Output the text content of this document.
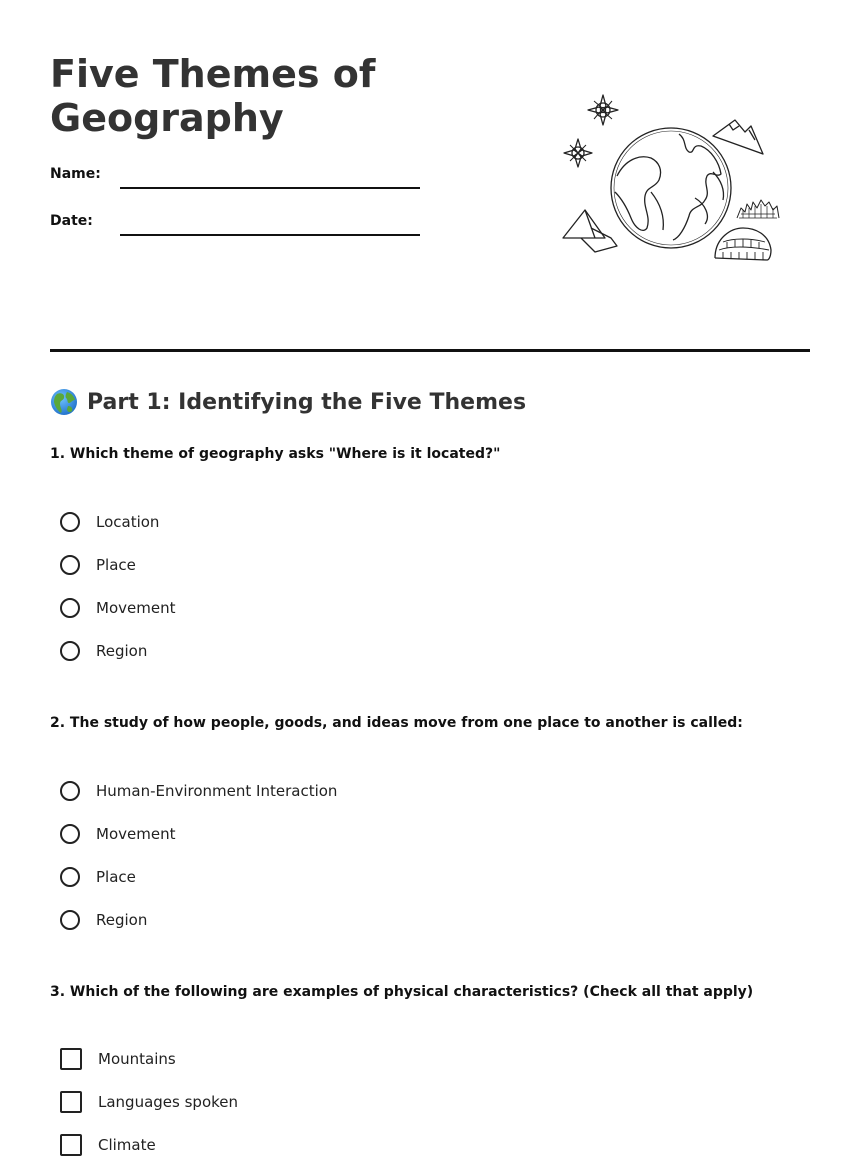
Five Themes of Geography
Name:
Date:
Part 1: Identifying the Five Themes

1. Which theme of geography asks "Where is it located?"

Location
Place
Movement
Region

2. The study of how people, goods, and ideas move from one place to another is called:

Human-Environment Interaction
Movement
Place
Region

3. Which of the following are examples of physical characteristics? (Check all that apply)

Mountains
Languages spoken
Climate
